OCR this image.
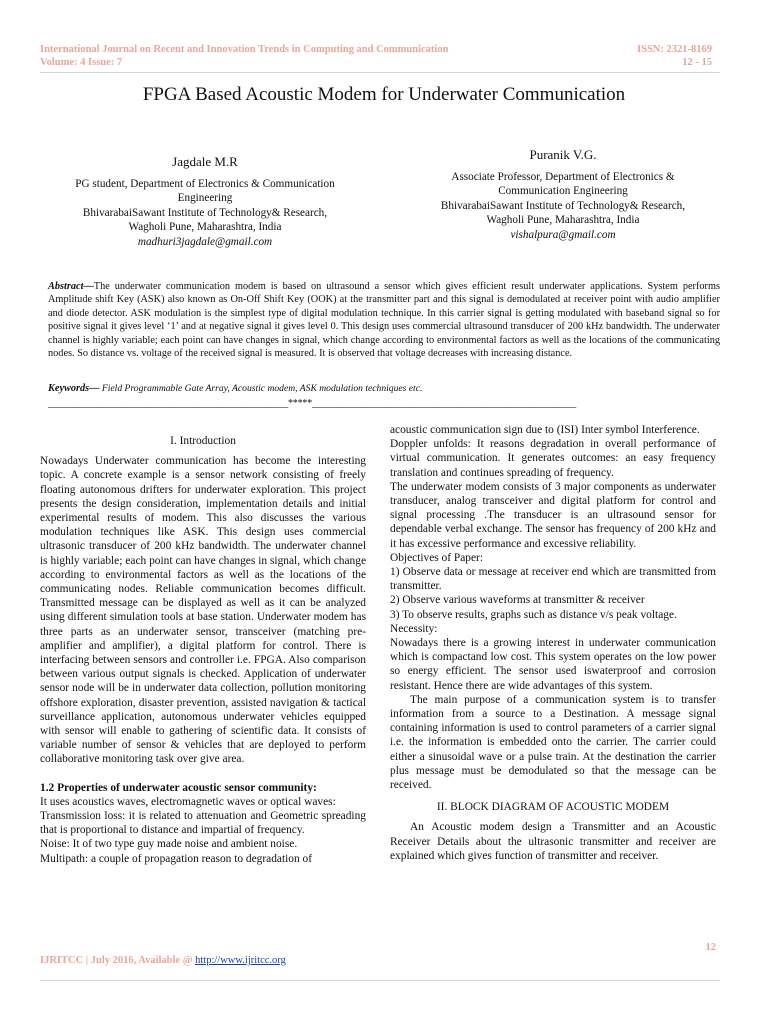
International Journal on Recent and Innovation Trends in Computing and Communication
Volume: 4 Issue: 7
ISSN: 2321-8169
12 - 15
FPGA Based Acoustic Modem for Underwater Communication
Jagdale M.R
PG student, Department of Electronics & Communication
Engineering
BhivarabaiSawant Institute of Technology& Research,
Wagholi Pune, Maharashtra, India
madhuri3jagdale@gmail.com
Puranik V.G.
Associate Professor, Department of Electronics &
Communication Engineering
BhivarabaiSawant Institute of Technology& Research,
Wagholi Pune, Maharashtra, India
vishalpura@gmail.com
Abstract—The underwater communication modem is based on ultrasound a sensor which gives efficient result underwater applications. System performs Amplitude shift Key (ASK) also known as On-Off Shift Key (OOK) at the transmitter part and this signal is demodulated at receiver point with audio amplifier and diode detector. ASK modulation is the simplest type of digital modulation technique. In this carrier signal is getting modulated with baseband signal so for positive signal it gives level ‘1’ and at negative signal it gives level 0. This design uses commercial ultrasound transducer of 200 kHz bandwidth. The underwater channel is highly variable; each point can have changes in signal, which change according to environmental factors as well as the locations of the communicating nodes. So distance vs. voltage of the received signal is measured. It is observed that voltage decreases with increasing distance.
Keywords— Field Programmable Gate Array, Acoustic modem, ASK modulation techniques etc.
__________________________________________________*****_______________________________________________________

I. Introduction

Nowadays Underwater communication has become the interesting topic. A concrete example is a sensor network consisting of freely floating autonomous drifters for underwater exploration. This project presents the design consideration, implementation details and initial experimental results of modem. This also discusses the various modulation techniques like ASK. This design uses commercial ultrasonic transducer of 200 kHz bandwidth. The underwater channel is highly variable; each point can have changes in signal, which change according to environmental factors as well as the locations of the communicating nodes. Reliable communication becomes difficult. Transmitted message can be displayed as well as it can be analyzed using different simulation tools at base station. Underwater modem has three parts as an underwater sensor, transceiver (matching pre-amplifier and amplifier), a digital platform for control. There is interfacing between sensors and controller i.e. FPGA. Also comparison between various output signals is checked. Application of underwater sensor node will be in underwater data collection, pollution monitoring offshore exploration, disaster prevention, assisted navigation & tactical surveillance application, autonomous underwater vehicles equipped with sensor will enable to gathering of scientific data. It consists of variable number of sensor & vehicles that are deployed to perform collaborative monitoring task over give area.

1.2 Properties of underwater acoustic sensor community:

It uses acoustics waves, electromagnetic waves or optical waves:

Transmission loss: it is related to attenuation and Geometric spreading that is proportional to distance and impartial of frequency.

Noise: It of two type guy made noise and ambient noise.

Multipath: a couple of propagation reason to degradation of

acoustic communication sign due to (ISI) Inter symbol Interference.

Doppler unfolds: It reasons degradation in overall performance of virtual communication. It generates outcomes: an easy frequency translation and continues spreading of frequency.

The underwater modem consists of 3 major components as underwater transducer, analog transceiver and digital platform for control and signal processing .The transducer is an ultrasound sensor for dependable verbal exchange. The sensor has frequency of 200 kHz and it has excessive performance and excessive reliability.

Objectives of Paper:

1) Observe data or message at receiver end which are transmitted from transmitter.

2) Observe various waveforms at transmitter & receiver

3) To observe results, graphs such as distance v/s peak voltage.

Necessity:

Nowadays there is a growing interest in underwater communication which is compactand low cost. This system operates on the low power so energy efficient. The sensor used iswaterproof and corrosion resistant. Hence there are wide advantages of this system.

The main purpose of a communication system is to transfer information from a source to a Destination. A message signal containing information is used to control parameters of a carrier signal i.e. the information is embedded onto the carrier. The carrier could either a sinusoidal wave or a pulse train. At the destination the carrier plus message must be demodulated so that the message can be received.

II. BLOCK DIAGRAM OF ACOUSTIC MODEM

An Acoustic modem design a Transmitter and an Acoustic Receiver Details about the ultrasonic transmitter and receiver are explained which gives function of transmitter and receiver.

12
IJRITCC | July 2016, Available @ http://www.ijritcc.org
